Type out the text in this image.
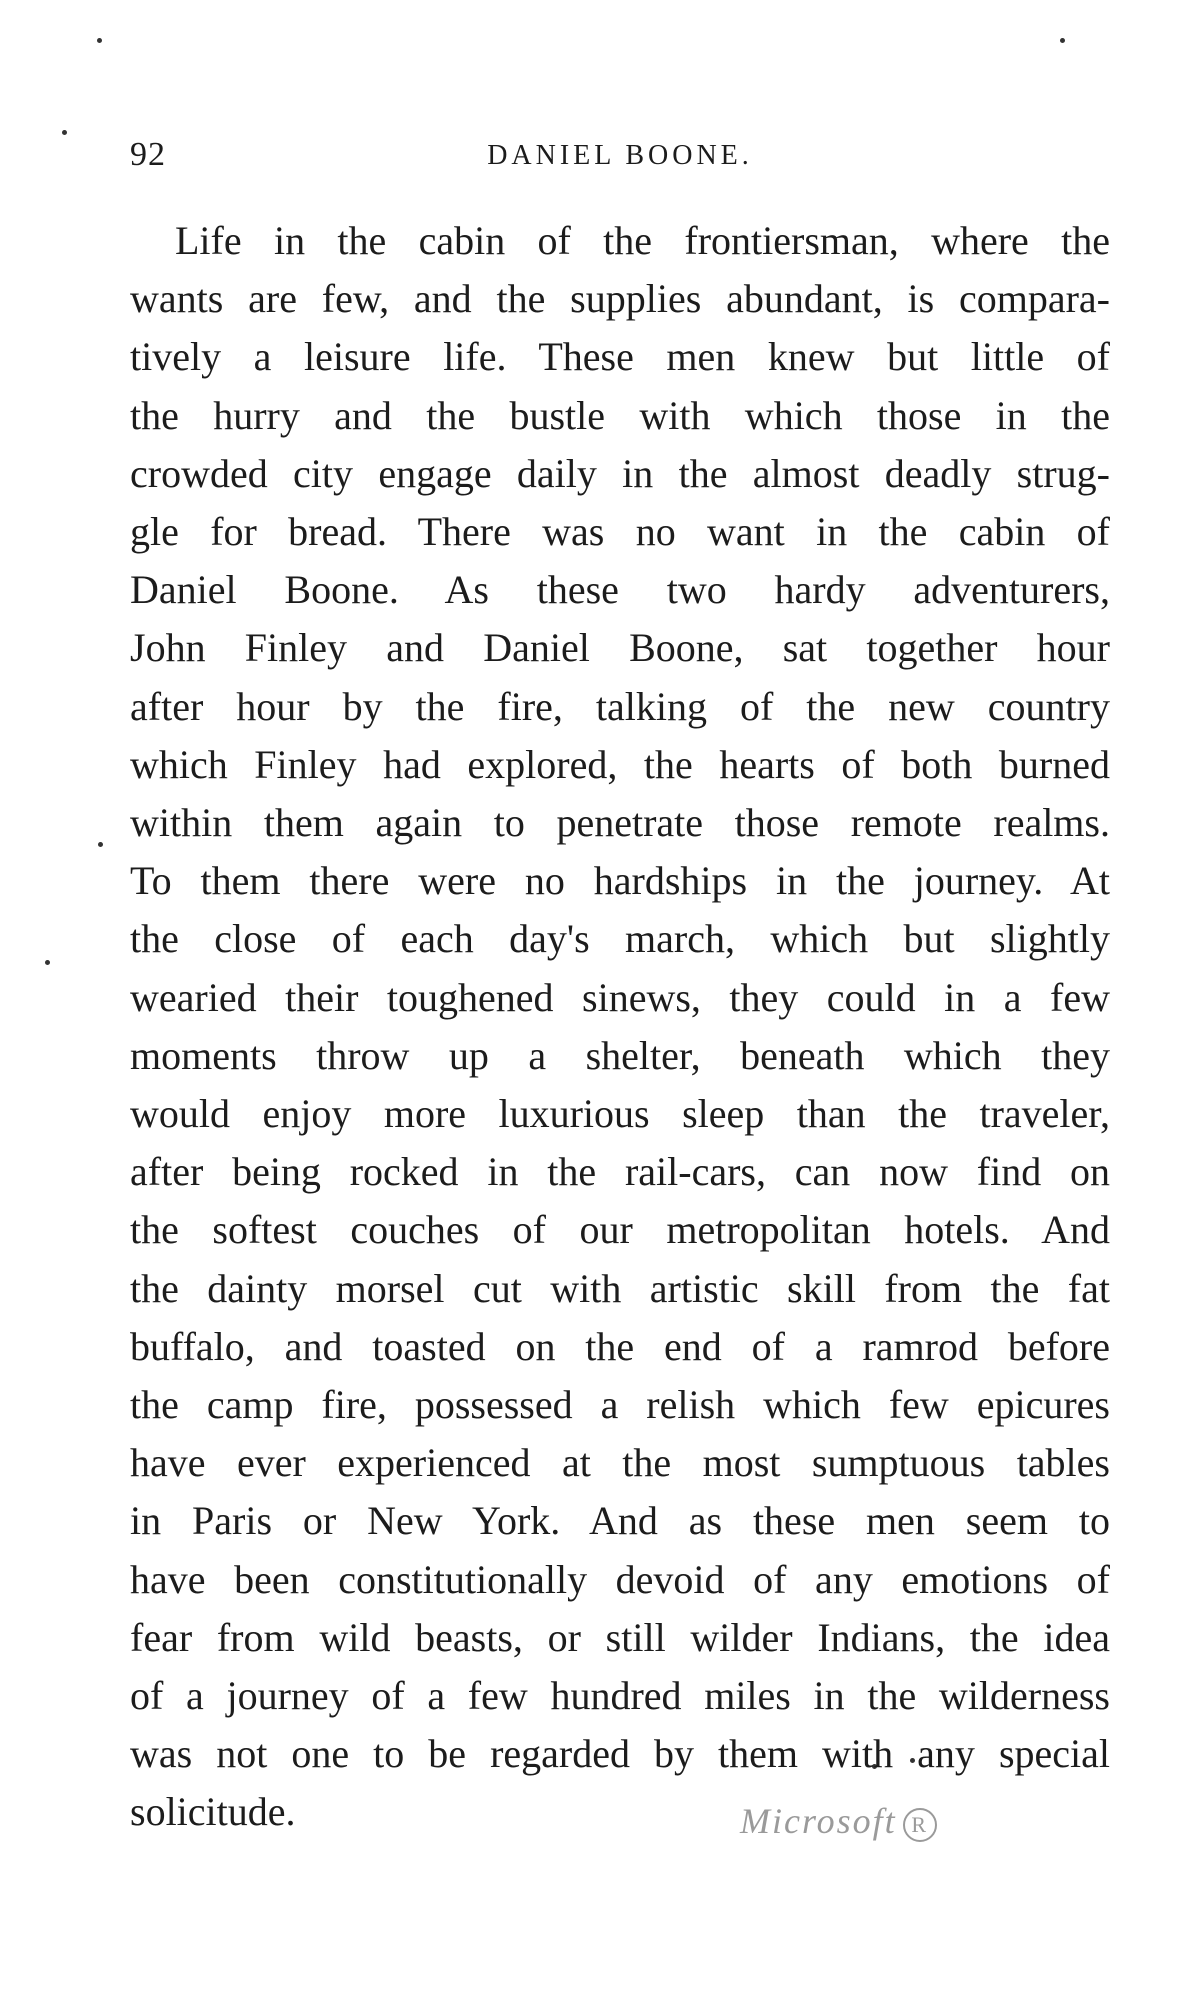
92	DANIEL BOONE.
Life in the cabin of the frontiersman, where the
wants are few, and the supplies abundant, is compara-
tively a leisure life. These men knew but little of
the hurry and the bustle with which those in the
crowded city engage daily in the almost deadly strug-
gle for bread. There was no want in the cabin of
Daniel Boone. As these two hardy adventurers,
John Finley and Daniel Boone, sat together hour
after hour by the fire, talking of the new country
which Finley had explored, the hearts of both burned
within them again to penetrate those remote realms.
To them there were no hardships in the journey. At
the close of each day's march, which but slightly
wearied their toughened sinews, they could in a few
moments throw up a shelter, beneath which they
would enjoy more luxurious sleep than the traveler,
after being rocked in the rail-cars, can now find on
the softest couches of our metropolitan hotels. And
the dainty morsel cut with artistic skill from the fat
buffalo, and toasted on the end of a ramrod before
the camp fire, possessed a relish which few epicures
have ever experienced at the most sumptuous tables
in Paris or New York. And as these men seem to
have been constitutionally devoid of any emotions of
fear from wild beasts, or still wilder Indians, the idea
of a journey of a few hundred miles in the wilderness
was not one to be regarded by them with any special
solicitude.	Microsoft R
